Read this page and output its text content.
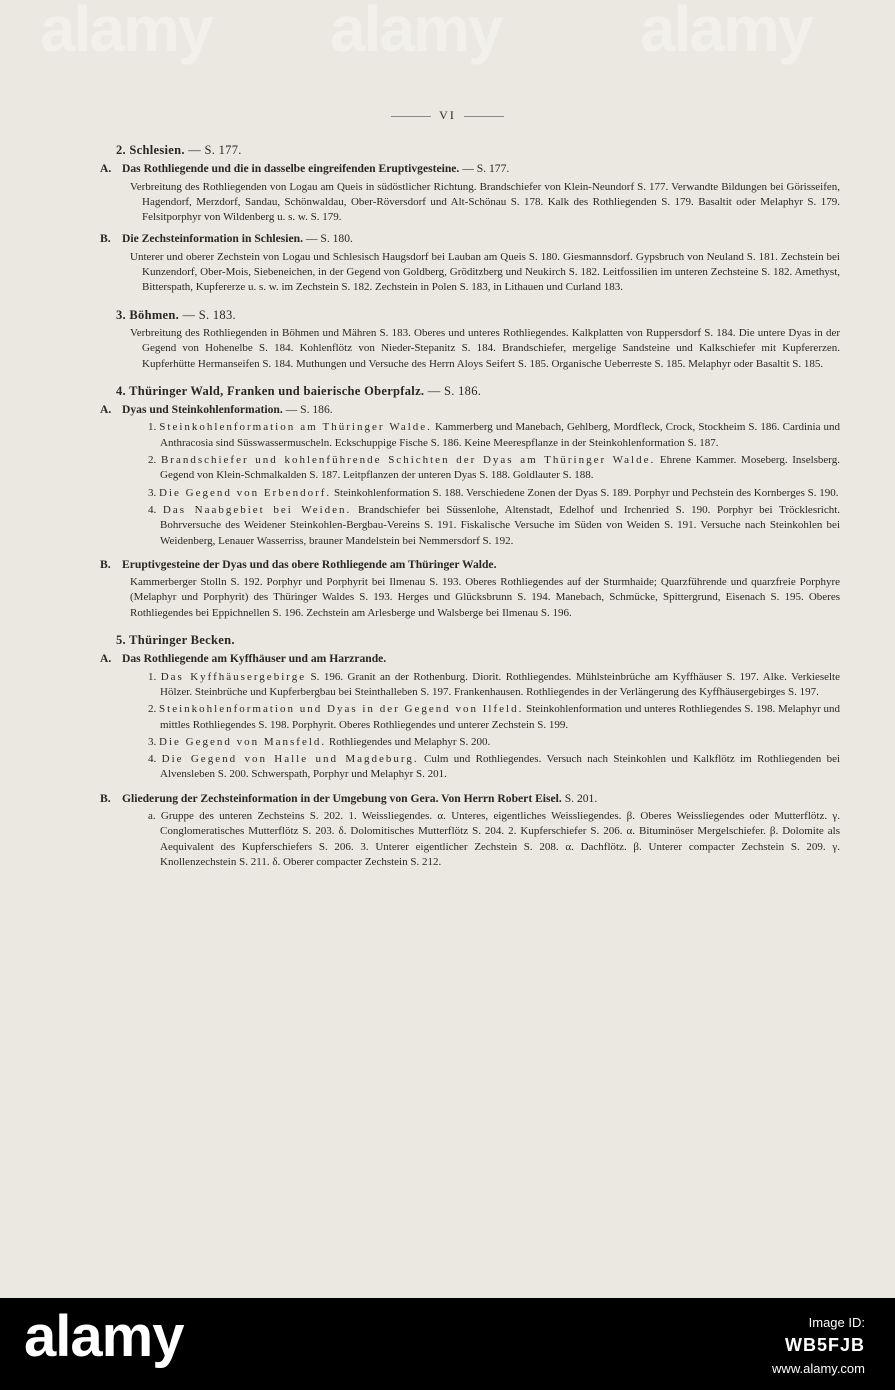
alamy alamy alamy
VI
2. Schlesien. — S. 177.
A. Das Rothliegende und die in dasselbe eingreifenden Eruptivgesteine. — S. 177.
Verbreitung des Rothliegenden von Logau am Queis in südöstlicher Richtung. Brandschiefer von Klein-Neundorf S. 177. Verwandte Bildungen bei Görisseifen, Hagendorf, Merzdorf, Sandau, Schönwaldau, Ober-Röversdorf und Alt-Schönau S. 178. Kalk des Rothliegenden S. 179. Basaltit oder Melaphyr S. 179. Felsitporphyr von Wildenberg u. s. w. S. 179.
B. Die Zechsteinformation in Schlesien. — S. 180.
Unterer und oberer Zechstein von Logau und Schlesisch Haugsdorf bei Lauban am Queis S. 180. Giesmannsdorf. Gypsbruch von Neuland S. 181. Zechstein bei Kunzendorf, Ober-Mois, Siebeneichen, in der Gegend von Goldberg, Gröditzberg und Neukirch S. 182. Leitfossilien im unteren Zechsteine S. 182. Amethyst, Bitterspath, Kupfererze u. s. w. im Zechstein S. 182. Zechstein in Polen S. 183, in Lithauen und Curland 183.
3. Böhmen. — S. 183.
Verbreitung des Rothliegenden in Böhmen und Mähren S. 183. Oberes und unteres Rothliegendes. Kalkplatten von Ruppersdorf S. 184. Die untere Dyas in der Gegend von Hohenelbe S. 184. Kohlenflötz von Nieder-Stepanitz S. 184. Brandschiefer, mergelige Sandsteine und Kalkschiefer mit Kupfererzen. Kupferhütte Hermanseifen S. 184. Muthungen und Versuche des Herrn Aloys Seifert S. 185. Organische Ueberreste S. 185. Melaphyr oder Basaltit S. 185.
4. Thüringer Wald, Franken und baierische Oberpfalz. — S. 186.
A. Dyas und Steinkohlenformation. — S. 186.
1. Steinkohlenformation am Thüringer Walde. Kammerberg und Manebach, Gehlberg, Mordfleck, Crock, Stockheim S. 186. Cardinia und Anthracosia sind Süsswassermuscheln. Eckschuppige Fische S. 186. Keine Meerespflanze in der Steinkohlenformation S. 187.
2. Brandschiefer und kohlenführende Schichten der Dyas am Thüringer Walde. Ehrene Kammer. Moseberg. Inselsberg. Gegend von Klein-Schmalkalden S. 187. Leitpflanzen der unteren Dyas S. 188. Goldlauter S. 188.
3. Die Gegend von Erbendorf. Steinkohlenformation S. 188. Verschiedene Zonen der Dyas S. 189. Porphyr und Pechstein des Kornberges S. 190.
4. Das Naabgebiet bei Weiden. Brandschiefer bei Süssenlohe, Altenstadt, Edelhof und Irchenried S. 190. Porphyr bei Tröcklesricht. Bohrversuche des Weidener Steinkohlen-Bergbau-Vereins S. 191. Fiskalische Versuche im Süden von Weiden S. 191. Versuche nach Steinkohlen bei Weidenberg, Lenauer Wasserriss, brauner Mandelstein bei Nemmersdorf S. 192.
B. Eruptivgesteine der Dyas und das obere Rothliegende am Thüringer Walde.
Kammerberger Stolln S. 192. Porphyr und Porphyrit bei Ilmenau S. 193. Oberes Rothliegendes auf der Sturmhaide; Quarzführende und quarzfreie Porphyre (Melaphyr und Porphyrit) des Thüringer Waldes S. 193. Herges und Glücksbrunn S. 194. Manebach, Schmücke, Spittergrund, Eisenach S. 195. Oberes Rothliegendes bei Eppichnellen S. 196. Zechstein am Arlesberge und Walsberge bei Ilmenau S. 196.
5. Thüringer Becken.
A. Das Rothliegende am Kyffhäuser und am Harzrande.
1. Das Kyffhäusergebirge S. 196. Granit an der Rothenburg. Diorit. Rothliegendes. Mühlsteinbrüche am Kyffhäuser S. 197. Alke. Verkieselte Hölzer. Steinbrüche und Kupferbergbau bei Steinthalleben S. 197. Frankenhausen. Rothliegendes in der Verlängerung des Kyffhäusergebirges S. 197.
2. Steinkohlenformation und Dyas in der Gegend von Ilfeld. Steinkohlenformation und unteres Rothliegendes S. 198. Melaphyr und mittles Rothliegendes S. 198. Porphyrit. Oberes Rothliegendes und unterer Zechstein S. 199.
3. Die Gegend von Mansfeld. Rothliegendes und Melaphyr S. 200.
4. Die Gegend von Halle und Magdeburg. Culm und Rothliegendes. Versuch nach Steinkohlen und Kalkflötz im Rothliegenden bei Alvensleben S. 200. Schwerspath, Porphyr und Melaphyr S. 201.
B. Gliederung der Zechsteinformation in der Umgebung von Gera. Von Herrn Robert Eisel. S. 201.
a. Gruppe des unteren Zechsteins S. 202. 1. Weissliegendes. α. Unteres, eigentliches Weissliegendes. β. Oberes Weissliegendes oder Mutterflötz. γ. Conglomeratisches Mutterflötz S. 203. δ. Dolomitisches Mutterflötz S. 204. 2. Kupferschiefer S. 206. α. Bituminöser Mergelschiefer. β. Dolomite als Aequivalent des Kupferschiefers S. 206. 3. Unterer eigentlicher Zechstein S. 208. α. Dachflötz. β. Unterer compacter Zechstein S. 209. γ. Knollenzechstein S. 211. δ. Oberer compacter Zechstein S. 212.
alamy	Image ID:
WB5FJB
www.alamy.com
